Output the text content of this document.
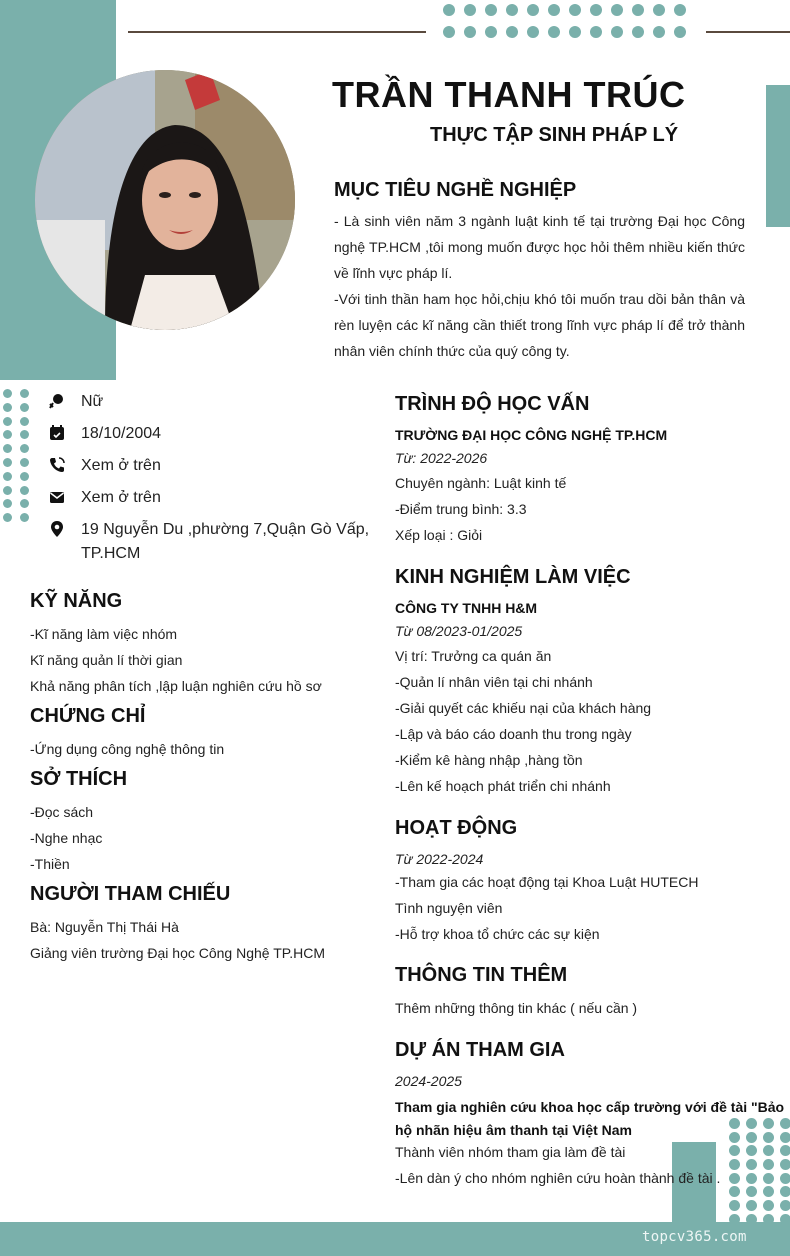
TRẦN THANH TRÚC
THỰC TẬP SINH PHÁP LÝ
MỤC TIÊU NGHỀ NGHIỆP
- Là sinh viên năm 3 ngành luật kinh tế tại trường Đại học Công nghệ TP.HCM ,tôi mong muốn được học hỏi thêm nhiều kiến thức về lĩnh vực pháp lí.
-Với tinh thần ham học hỏi,chịu khó tôi muốn trau dồi bản thân và rèn luyện các kĩ năng cần thiết trong lĩnh vực pháp lí để trở thành nhân viên chính thức của quý công ty.
Nữ
18/10/2004
Xem ở trên
Xem ở trên
19 Nguyễn Du ,phường 7,Quận Gò Vấp,
TP.HCM
KỸ NĂNG
-Kĩ năng làm việc nhóm
Kĩ năng quản lí thời gian
Khả năng phân tích ,lập luận nghiên cứu hồ sơ
CHỨNG CHỈ
-Ứng dụng công nghệ thông tin
SỞ THÍCH
-Đọc sách
-Nghe nhạc
-Thiền
NGƯỜI THAM CHIẾU
Bà: Nguyễn Thị Thái Hà
Giảng viên trường Đại học Công Nghệ TP.HCM
TRÌNH ĐỘ HỌC VẤN
TRƯỜNG ĐẠI HỌC CÔNG NGHỆ TP.HCM
Từ: 2022-2026
Chuyên ngành: Luật kinh tế
-Điểm trung bình: 3.3
Xếp loại : Giỏi
KINH NGHIỆM LÀM VIỆC
CÔNG TY TNHH H&M
Từ 08/2023-01/2025
Vị trí: Trưởng ca quán ăn
-Quản lí nhân viên tại chi nhánh
-Giải quyết các khiếu nại của khách hàng
-Lập và báo cáo doanh thu trong ngày
-Kiểm kê hàng nhập ,hàng tồn
-Lên kế hoạch phát triển chi nhánh
HOẠT ĐỘNG
Từ 2022-2024
-Tham gia các hoạt động tại Khoa Luật HUTECH
Tình nguyện viên
-Hỗ trợ khoa tổ chức các sự kiện
THÔNG TIN THÊM
Thêm những thông tin khác ( nếu cần )
DỰ ÁN THAM GIA
2024-2025
Tham gia nghiên cứu khoa học cấp trường với đề tài "Bảo
hộ nhãn hiệu âm thanh tại Việt Nam
Thành viên nhóm tham gia làm đề tài
-Lên dàn ý cho nhóm nghiên cứu hoàn thành đề tài .
topcv365.com
